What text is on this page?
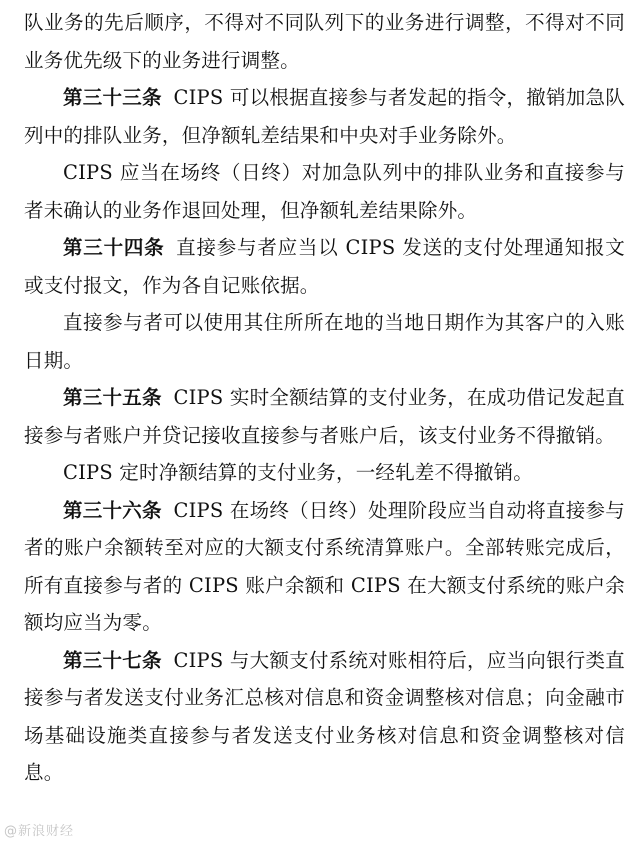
队业务的先后顺序，不得对不同队列下的业务进行调整，不得对不同业务优先级下的业务进行调整。

第三十三条 CIPS 可以根据直接参与者发起的指令，撤销加急队列中的排队业务，但净额轧差结果和中央对手业务除外。

CIPS 应当在场终（日终）对加急队列中的排队业务和直接参与者未确认的业务作退回处理，但净额轧差结果除外。

第三十四条 直接参与者应当以 CIPS 发送的支付处理通知报文或支付报文，作为各自记账依据。

直接参与者可以使用其住所所在地的当地日期作为其客户的入账日期。

第三十五条 CIPS 实时全额结算的支付业务，在成功借记发起直接参与者账户并贷记接收直接参与者账户后，该支付业务不得撤销。

CIPS 定时净额结算的支付业务，一经轧差不得撤销。

第三十六条 CIPS 在场终（日终）处理阶段应当自动将直接参与者的账户余额转至对应的大额支付系统清算账户。全部转账完成后，所有直接参与者的 CIPS 账户余额和 CIPS 在大额支付系统的账户余额均应当为零。

第三十七条 CIPS 与大额支付系统对账相符后，应当向银行类直接参与者发送支付业务汇总核对信息和资金调整核对信息；向金融市场基础设施类直接参与者发送支付业务核对信息和资金调整核对信息。

@新浪财经
